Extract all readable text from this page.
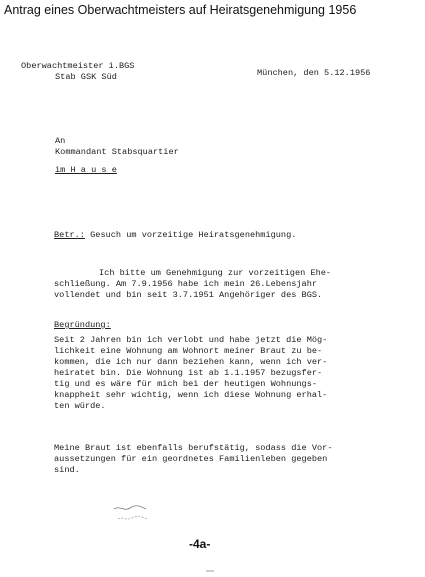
Antrag eines Oberwachtmeisters auf Heiratsgenehmigung 1956
Oberwachtmeister i.BGS
Stab GSK Süd	München, den 5.12.1956
An
Kommandant Stabsquartier
im H a u s e
Betr.: Gesuch um vorzeitige Heiratsgenehmigung.
Ich bitte um Genehmigung zur vorzeitigen Ehe-
schließung. Am 7.9.1956 habe ich mein 26.Lebensjahr
vollendet und bin seit 3.7.1951 Angehöriger des BGS.
Begründung:
Seit 2 Jahren bin ich verlobt und habe jetzt die Mög-
lichkeit eine Wohnung am Wohnort meiner Braut zu be-
kommen, die ich nur dann beziehen kann, wenn ich ver-
heiratet bin. Die Wohnung ist ab 1.1.1957 bezugsfer-
tig und es wäre für mich bei der heutigen Wohnungs-
knappheit sehr wichtig, wenn ich diese Wohnung erhal-
ten würde.
Meine Braut ist ebenfalls berufstätig, sodass die Vor-
aussetzungen für ein geordnetes Familienleben gegeben
sind.
-4a-
